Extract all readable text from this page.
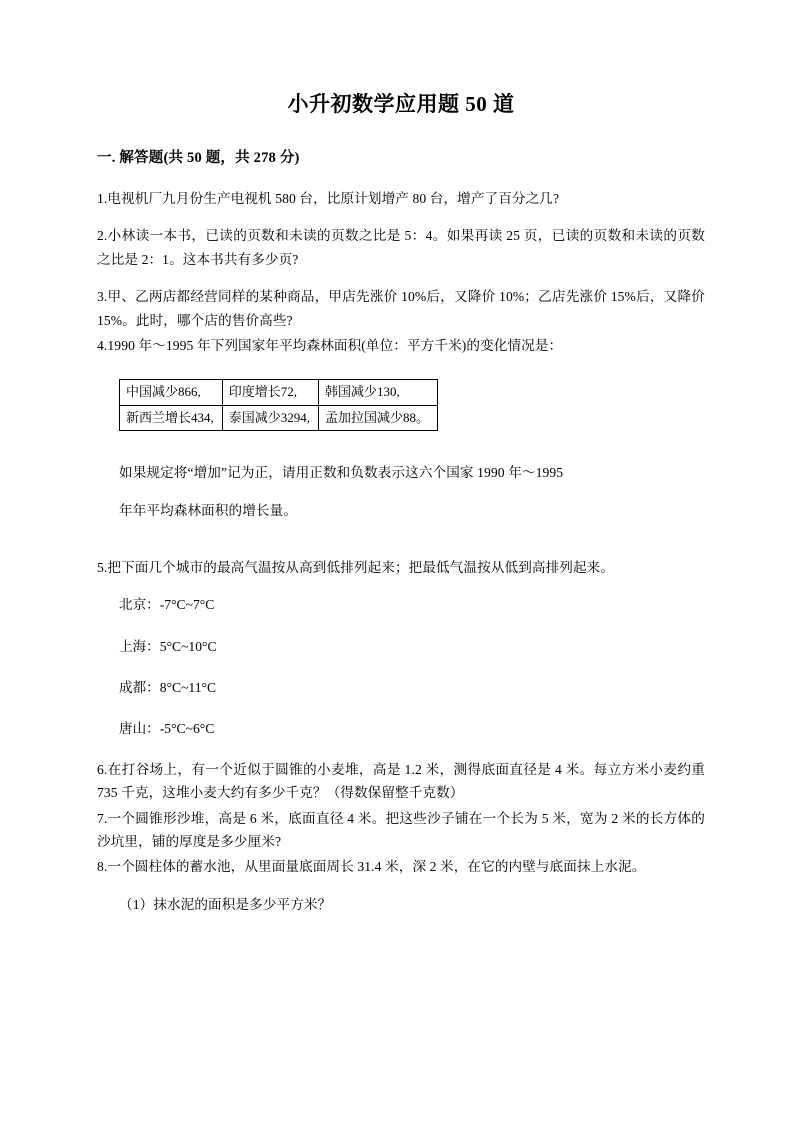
小升初数学应用题 50 道
一. 解答题(共 50 题，共 278 分)

1.电视机厂九月份生产电视机 580 台，比原计划增产 80 台，增产了百分之几?

2.小林读一本书，已读的页数和未读的页数之比是 5：4。如果再读 25 页，已读的页数和未读的页数之比是 2：1。这本书共有多少页?

3.甲、乙两店都经营同样的某种商品，甲店先涨价 10%后，又降价 10%；乙店先涨价 15%后，又降价 15%。此时，哪个店的售价高些?

4.1990 年～1995 年下列国家年平均森林面积(单位：平方千米)的变化情况是：

中国减少866,	印度增长72,	韩国减少130,
新西兰增长434,	泰国减少3294,	孟加拉国减少88。

如果规定将“增加”记为正，请用正数和负数表示这六个国家 1990 年～1995

年年平均森林面积的增长量。

5.把下面几个城市的最高气温按从高到低排列起来；把最低气温按从低到高排列起来。

北京：-7°C~7°C

上海：5°C~10°C

成都：8°C~11°C

唐山：-5°C~6°C

6.在打谷场上，有一个近似于圆锥的小麦堆，高是 1.2 米，测得底面直径是 4 米。每立方米小麦约重 735 千克，这堆小麦大约有多少千克？（得数保留整千克数）

7.一个圆锥形沙堆，高是 6 米，底面直径 4 米。把这些沙子铺在一个长为 5 米，宽为 2 米的长方体的沙坑里，铺的厚度是多少厘米?

8.一个圆柱体的蓄水池，从里面量底面周长 31.4 米，深 2 米，在它的内壁与底面抹上水泥。

（1）抹水泥的面积是多少平方米？
